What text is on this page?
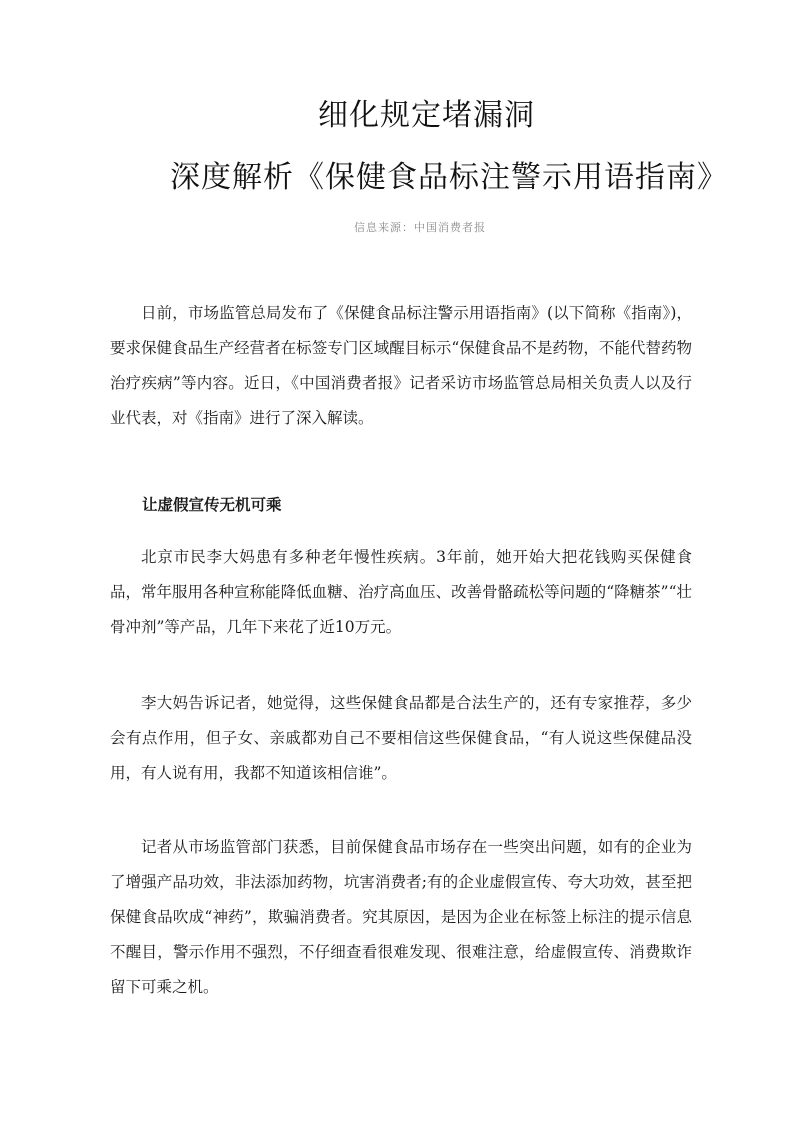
细化规定堵漏洞
深度解析《保健食品标注警示用语指南》
信息来源：中国消费者报

日前，市场监管总局发布了《保健食品标注警示用语指南》(以下简称《指南》)，要求保健食品生产经营者在标签专门区域醒目标示“保健食品不是药物，不能代替药物治疗疾病”等内容。近日，《中国消费者报》记者采访市场监管总局相关负责人以及行业代表，对《指南》进行了深入解读。

让虚假宣传无机可乘

北京市民李大妈患有多种老年慢性疾病。3年前，她开始大把花钱购买保健食品，常年服用各种宣称能降低血糖、治疗高血压、改善骨骼疏松等问题的“降糖茶”“壮骨冲剂”等产品，几年下来花了近10万元。

李大妈告诉记者，她觉得，这些保健食品都是合法生产的，还有专家推荐，多少会有点作用，但子女、亲戚都劝自己不要相信这些保健食品，“有人说这些保健品没用，有人说有用，我都不知道该相信谁”。

记者从市场监管部门获悉，目前保健食品市场存在一些突出问题，如有的企业为了增强产品功效，非法添加药物，坑害消费者;有的企业虚假宣传、夸大功效，甚至把保健食品吹成“神药”，欺骗消费者。究其原因，是因为企业在标签上标注的提示信息不醒目，警示作用不强烈，不仔细查看很难发现、很难注意，给虚假宣传、消费欺诈留下可乘之机。
